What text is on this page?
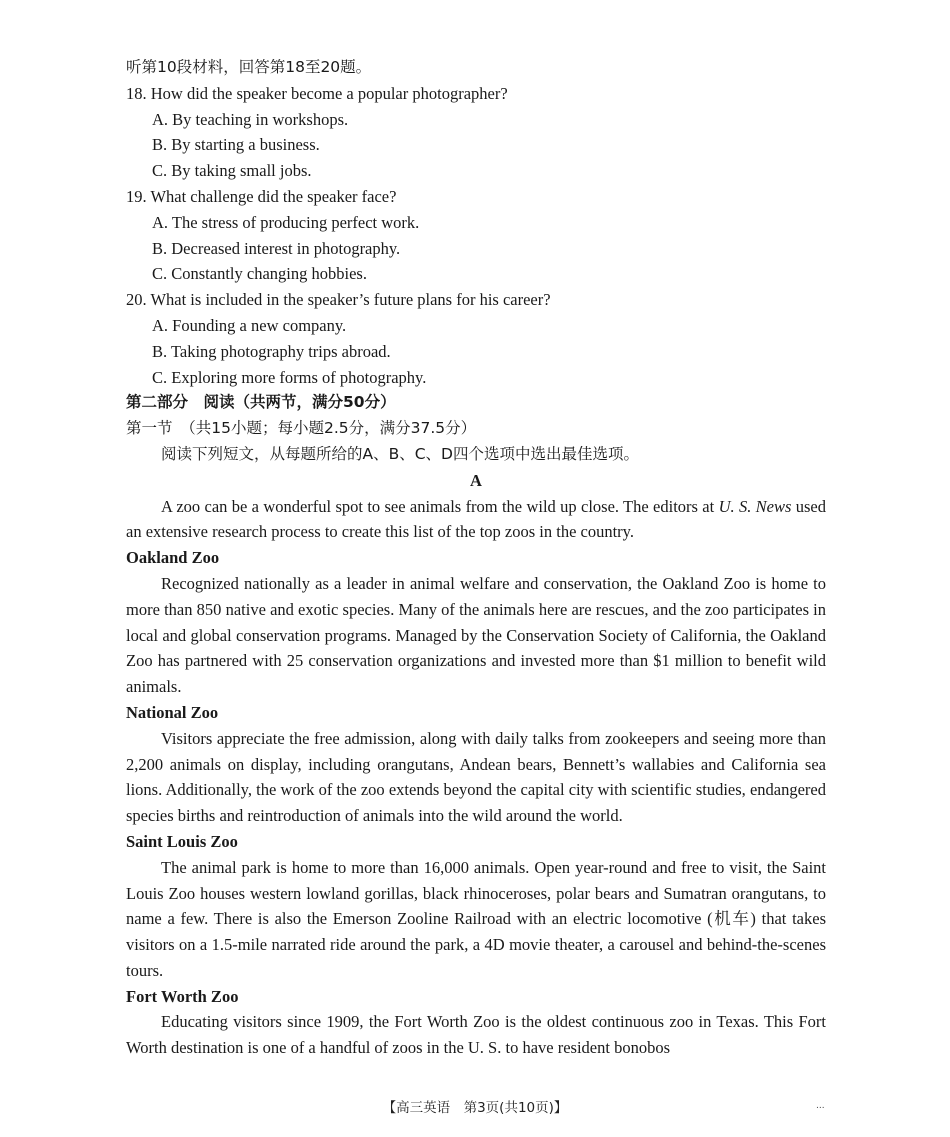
听第10段材料，回答第18至20题。
18. How did the speaker become a popular photographer?
A. By teaching in workshops.
B. By starting a business.
C. By taking small jobs.
19. What challenge did the speaker face?
A. The stress of producing perfect work.
B. Decreased interest in photography.
C. Constantly changing hobbies.
20. What is included in the speaker’s future plans for his career?
A. Founding a new company.
B. Taking photography trips abroad.
C. Exploring more forms of photography.
第二部分　阅读（共两节，满分50分）
第一节　（共15小题；每小题2.5分，满分37.5分）
阅读下列短文，从每题所给的A、B、C、D四个选项中选出最佳选项。
A

A zoo can be a wonderful spot to see animals from the wild up close. The editors at U. S. News used an extensive research process to create this list of the top zoos in the country.

Oakland Zoo

Recognized nationally as a leader in animal welfare and conservation, the Oakland Zoo is home to more than 850 native and exotic species. Many of the animals here are rescues, and the zoo participates in local and global conservation programs. Managed by the Conservation Society of California, the Oakland Zoo has partnered with 25 conservation organizations and invested more than $1 million to benefit wild animals.

National Zoo

Visitors appreciate the free admission, along with daily talks from zookeepers and seeing more than 2,200 animals on display, including orangutans, Andean bears, Bennett’s wallabies and California sea lions. Additionally, the work of the zoo extends beyond the capital city with scientific studies, endangered species births and reintroduction of animals into the wild around the world.

Saint Louis Zoo

The animal park is home to more than 16,000 animals. Open year-round and free to visit, the Saint Louis Zoo houses western lowland gorillas, black rhinoceroses, polar bears and Sumatran orangutans, to name a few. There is also the Emerson Zooline Railroad with an electric locomotive (机车) that takes visitors on a 1.5-mile narrated ride around the park, a 4D movie theater, a carousel and behind-the-scenes tours.

Fort Worth Zoo

Educating visitors since 1909, the Fort Worth Zoo is the oldest continuous zoo in Texas. This Fort Worth destination is one of a handful of zoos in the U. S. to have resident bonobos

【高三英语　第3页(共10页)】	...
